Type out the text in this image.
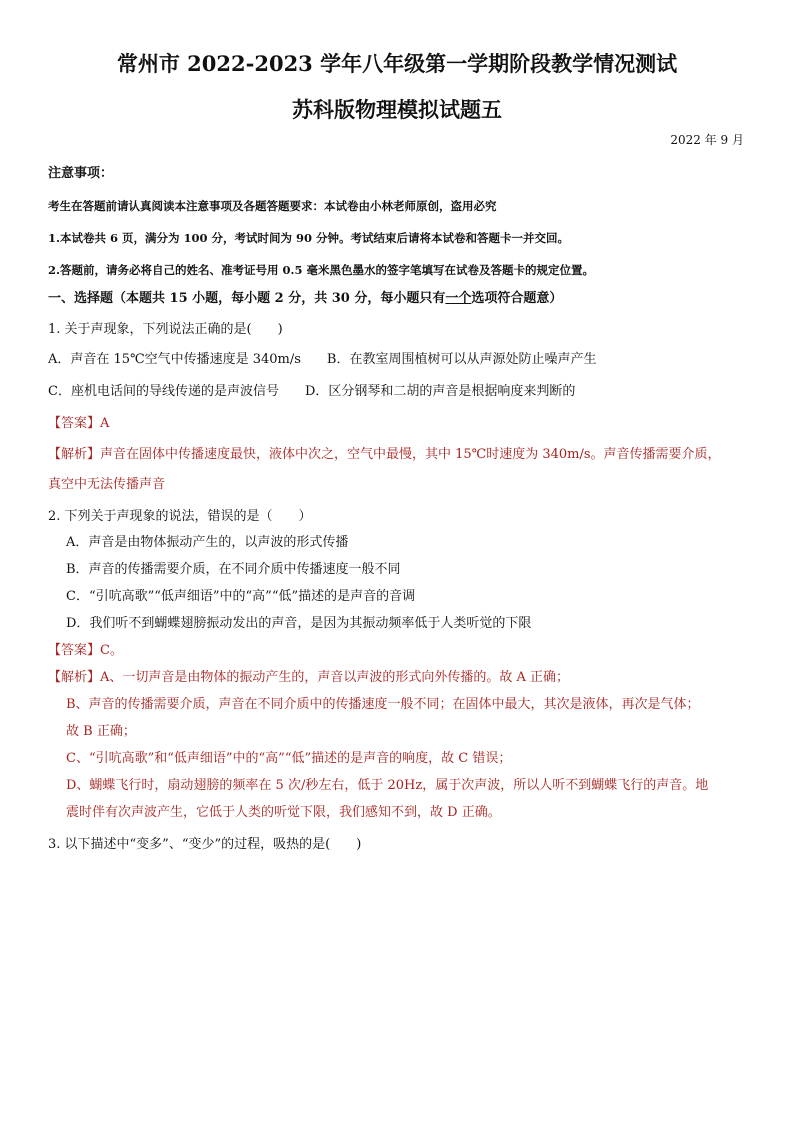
常州市 2022-2023 学年八年级第一学期阶段教学情况测试
苏科版物理模拟试题五
2022 年 9 月
注意事项：
考生在答题前请认真阅读本注意事项及各题答题要求：本试卷由小林老师原创，盗用必究
1.本试卷共 6 页，满分为 100 分，考试时间为 90 分钟。考试结束后请将本试卷和答题卡一并交回。
2.答题前，请务必将自己的姓名、准考证号用 0.5 毫米黑色墨水的签字笔填写在试卷及答题卡的规定位置。
一、选择题（本题共 15 小题，每小题 2 分，共 30 分，每小题只有一个选项符合题意）
1. 关于声现象，下列说法正确的是(　　)
A．声音在 15℃空气中传播速度是 340m/s　　B．在教室周围植树可以从声源处防止噪声产生
C．座机电话间的导线传递的是声波信号　　D．区分钢琴和二胡的声音是根据响度来判断的
【答案】A
【解析】声音在固体中传播速度最快，液体中次之，空气中最慢，其中 15℃时速度为 340m/s。声音传播需要介质，
真空中无法传播声音
2. 下列关于声现象的说法，错误的是（　　）
A．声音是由物体振动产生的，以声波的形式传播
B．声音的传播需要介质，在不同介质中传播速度一般不同
C．“引吭高歌”“低声细语”中的“高”“低”描述的是声音的音调
D．我们听不到蝴蝶翅膀振动发出的声音，是因为其振动频率低于人类听觉的下限
【答案】C。
【解析】A、一切声音是由物体的振动产生的，声音以声波的形式向外传播的。故 A 正确；
B、声音的传播需要介质，声音在不同介质中的传播速度一般不同；在固体中最大，其次是液体，再次是气体；
故 B 正确；
C、“引吭高歌”和“低声细语”中的“高”“低”描述的是声音的响度，故 C 错误；
D、蝴蝶飞行时，扇动翅膀的频率在 5 次/秒左右，低于 20Hz，属于次声波，所以人听不到蝴蝶飞行的声音。地
震时伴有次声波产生，它低于人类的听觉下限，我们感知不到，故 D 正确。
3. 以下描述中“变多”、“变少”的过程，吸热的是(　　)
